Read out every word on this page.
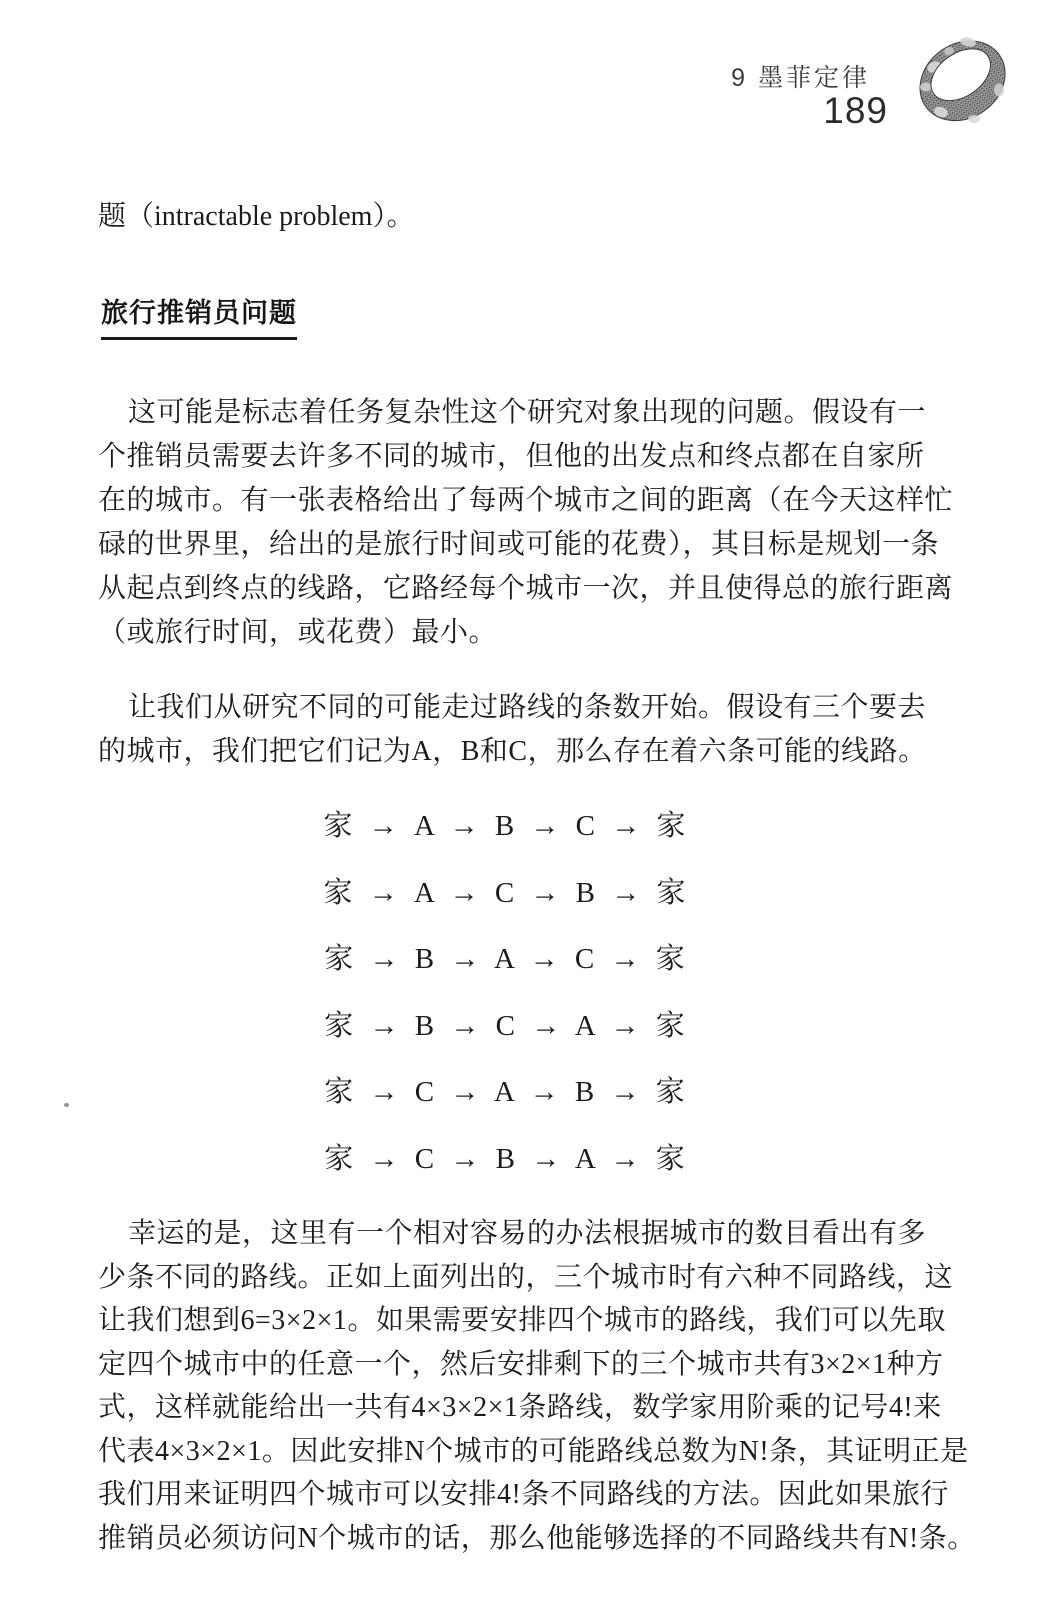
9 墨菲定律
189
题（intractable problem）。
旅行推销员问题
这可能是标志着任务复杂性这个研究对象出现的问题。假设有一
个推销员需要去许多不同的城市，但他的出发点和终点都在自家所
在的城市。有一张表格给出了每两个城市之间的距离（在今天这样忙
碌的世界里，给出的是旅行时间或可能的花费），其目标是规划一条
从起点到终点的线路，它路经每个城市一次，并且使得总的旅行距离
（或旅行时间，或花费）最小。
让我们从研究不同的可能走过路线的条数开始。假设有三个要去
的城市，我们把它们记为A，B和C，那么存在着六条可能的线路。
家 → A → B → C → 家
家 → A → C → B → 家
家 → B → A → C → 家
家 → B → C → A → 家
家 → C → A → B → 家
家 → C → B → A → 家
幸运的是，这里有一个相对容易的办法根据城市的数目看出有多
少条不同的路线。正如上面列出的，三个城市时有六种不同路线，这
让我们想到6=3×2×1。如果需要安排四个城市的路线，我们可以先取
定四个城市中的任意一个，然后安排剩下的三个城市共有3×2×1种方
式，这样就能给出一共有4×3×2×1条路线，数学家用阶乘的记号4!来
代表4×3×2×1。因此安排N个城市的可能路线总数为N!条，其证明正是
我们用来证明四个城市可以安排4!条不同路线的方法。因此如果旅行
推销员必须访问N个城市的话，那么他能够选择的不同路线共有N!条。
